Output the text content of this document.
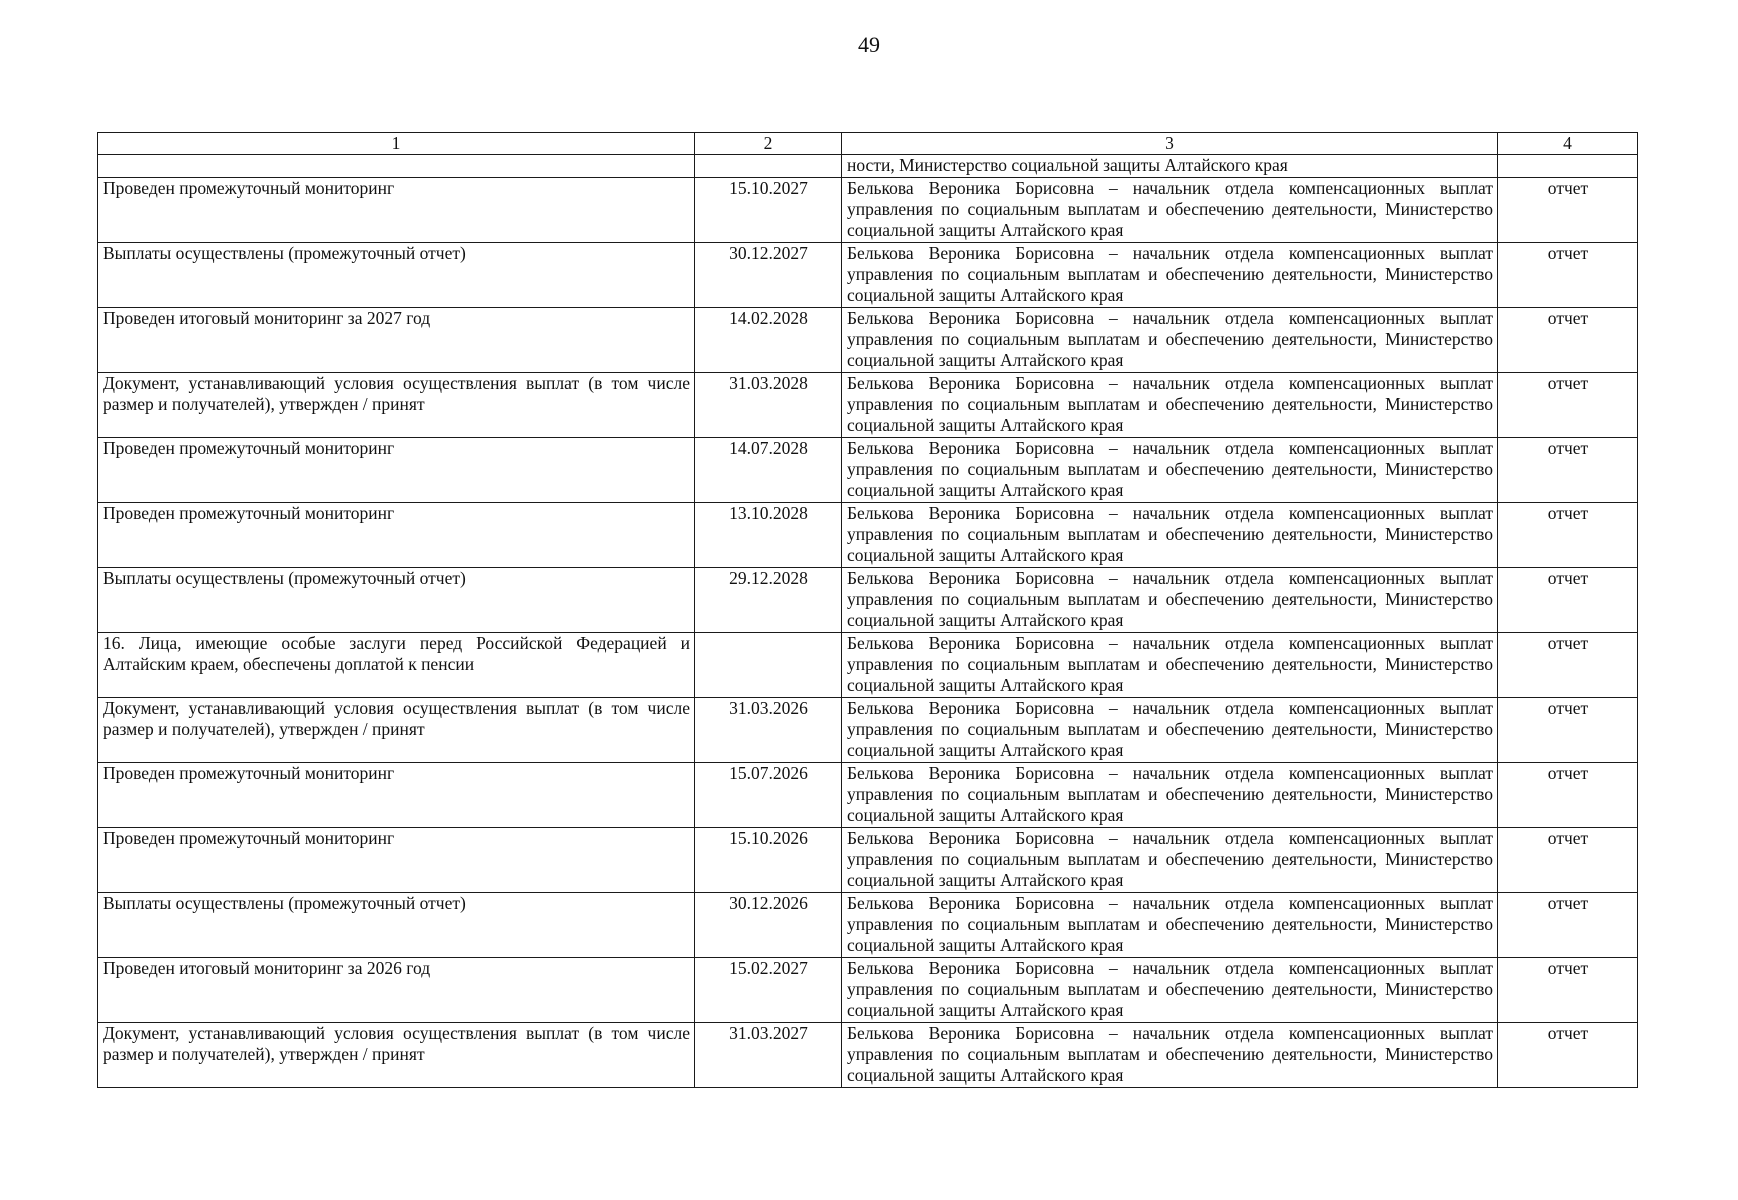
49
1	2	3	4
		ности, Министерство социальной защиты Алтайского края	
Проведен промежуточный мониторинг	15.10.2027	Белькова Вероника Борисовна – начальник отдела компенсационных выплат управления по социальным выплатам и обеспечению деятельности, Министерство социальной защиты Алтайского края	отчет
Выплаты осуществлены (промежуточный отчет)	30.12.2027	Белькова Вероника Борисовна – начальник отдела компенсационных выплат управления по социальным выплатам и обеспечению деятельности, Министерство социальной защиты Алтайского края	отчет
Проведен итоговый мониторинг за 2027 год	14.02.2028	Белькова Вероника Борисовна – начальник отдела компенсационных выплат управления по социальным выплатам и обеспечению деятельности, Министерство социальной защиты Алтайского края	отчет
Документ, устанавливающий условия осуществления выплат (в том числе размер и получателей), утвержден / принят	31.03.2028	Белькова Вероника Борисовна – начальник отдела компенсационных выплат управления по социальным выплатам и обеспечению деятельности, Министерство социальной защиты Алтайского края	отчет
Проведен промежуточный мониторинг	14.07.2028	Белькова Вероника Борисовна – начальник отдела компенсационных выплат управления по социальным выплатам и обеспечению деятельности, Министерство социальной защиты Алтайского края	отчет
Проведен промежуточный мониторинг	13.10.2028	Белькова Вероника Борисовна – начальник отдела компенсационных выплат управления по социальным выплатам и обеспечению деятельности, Министерство социальной защиты Алтайского края	отчет
Выплаты осуществлены (промежуточный отчет)	29.12.2028	Белькова Вероника Борисовна – начальник отдела компенсационных выплат управления по социальным выплатам и обеспечению деятельности, Министерство социальной защиты Алтайского края	отчет
16. Лица, имеющие особые заслуги перед Российской Федерацией и Алтайским краем, обеспечены доплатой к пенсии		Белькова Вероника Борисовна – начальник отдела компенсационных выплат управления по социальным выплатам и обеспечению деятельности, Министерство социальной защиты Алтайского края	отчет
Документ, устанавливающий условия осуществления выплат (в том числе размер и получателей), утвержден / принят	31.03.2026	Белькова Вероника Борисовна – начальник отдела компенсационных выплат управления по социальным выплатам и обеспечению деятельности, Министерство социальной защиты Алтайского края	отчет
Проведен промежуточный мониторинг	15.07.2026	Белькова Вероника Борисовна – начальник отдела компенсационных выплат управления по социальным выплатам и обеспечению деятельности, Министерство социальной защиты Алтайского края	отчет
Проведен промежуточный мониторинг	15.10.2026	Белькова Вероника Борисовна – начальник отдела компенсационных выплат управления по социальным выплатам и обеспечению деятельности, Министерство социальной защиты Алтайского края	отчет
Выплаты осуществлены (промежуточный отчет)	30.12.2026	Белькова Вероника Борисовна – начальник отдела компенсационных выплат управления по социальным выплатам и обеспечению деятельности, Министерство социальной защиты Алтайского края	отчет
Проведен итоговый мониторинг за 2026 год	15.02.2027	Белькова Вероника Борисовна – начальник отдела компенсационных выплат управления по социальным выплатам и обеспечению деятельности, Министерство социальной защиты Алтайского края	отчет
Документ, устанавливающий условия осуществления выплат (в том числе размер и получателей), утвержден / принят	31.03.2027	Белькова Вероника Борисовна – начальник отдела компенсационных выплат управления по социальным выплатам и обеспечению деятельности, Министерство социальной защиты Алтайского края	отчет
